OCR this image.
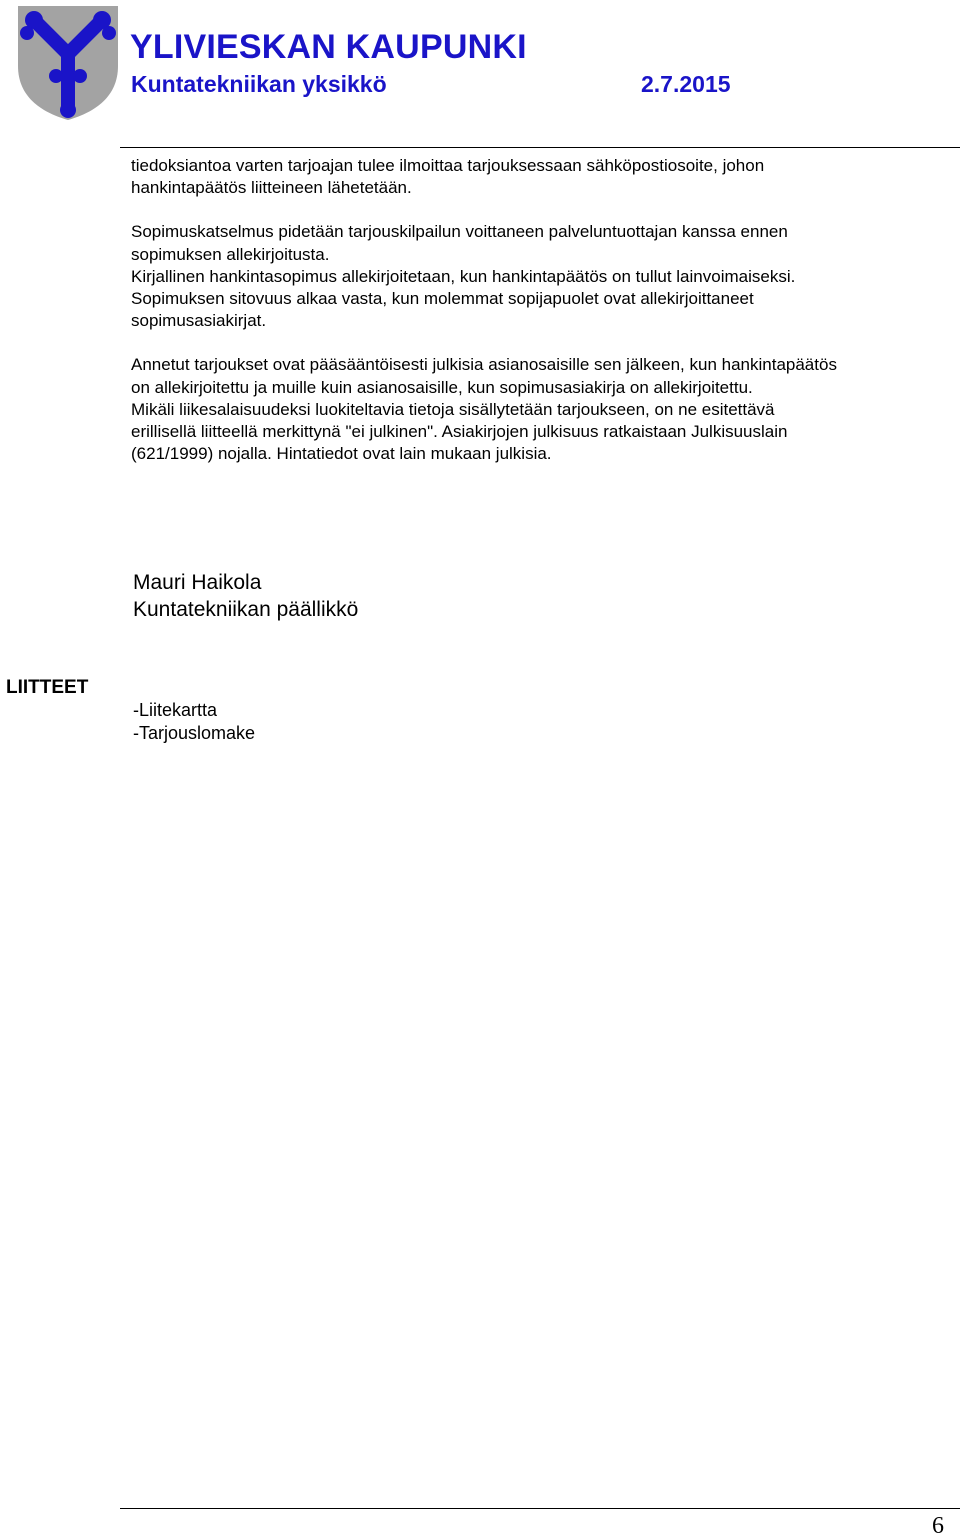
YLIVIESKAN KAUPUNKI
Kuntatekniikan yksikkö	2.7.2015

tiedoksiantoa varten tarjoajan tulee ilmoittaa tarjouksessaan sähköpostiosoite, johon
hankintapäätös liitteineen lähetetään.

Sopimuskatselmus pidetään tarjouskilpailun voittaneen palveluntuottajan kanssa ennen
sopimuksen allekirjoitusta.
Kirjallinen hankintasopimus allekirjoitetaan, kun hankintapäätös on tullut lainvoimaiseksi.
Sopimuksen sitovuus alkaa vasta, kun molemmat sopijapuolet ovat allekirjoittaneet
sopimusasiakirjat.

Annetut tarjoukset ovat pääsääntöisesti julkisia asianosaisille sen jälkeen, kun hankintapäätös
on allekirjoitettu ja muille kuin asianosaisille, kun sopimusasiakirja on allekirjoitettu.
Mikäli liikesalaisuudeksi luokiteltavia tietoja sisällytetään tarjoukseen, on ne esitettävä
erillisellä liitteellä merkittynä "ei julkinen". Asiakirjojen julkisuus ratkaistaan Julkisuuslain
(621/1999) nojalla. Hintatiedot ovat lain mukaan julkisia.

Mauri Haikola
Kuntatekniikan päällikkö
LIITTEET
-Liitekartta
-Tarjouslomake
6
